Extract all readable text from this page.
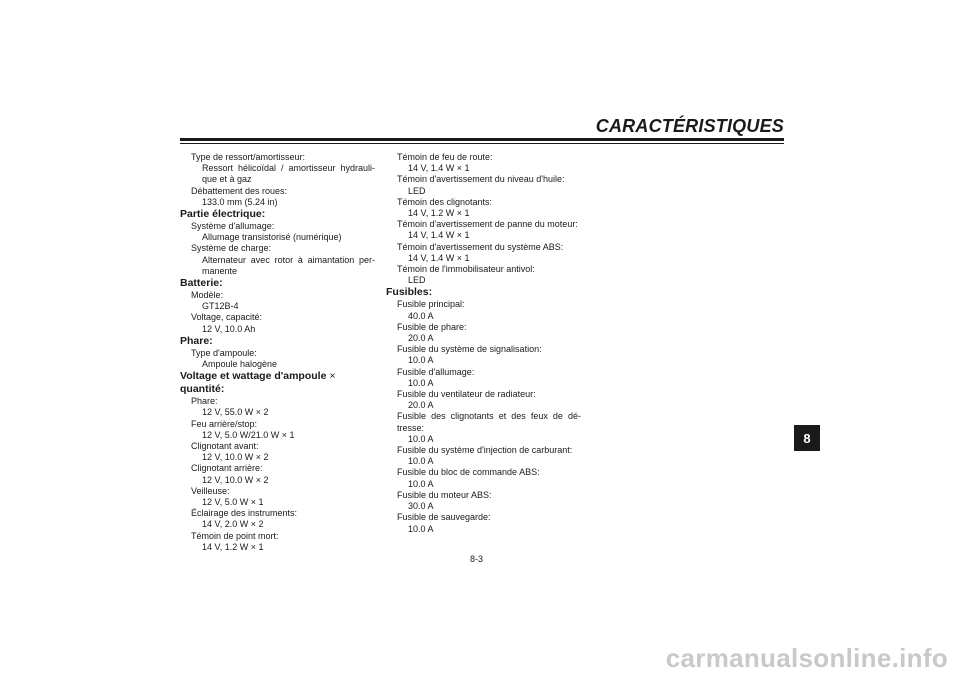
CARACTÉRISTIQUES
Type de ressort/amortisseur:
Ressort hélicoïdal / amortisseur hydrauli-
que et à gaz
Débattement des roues:
133.0 mm (5.24 in)
Partie électrique:
Système d'allumage:
Allumage transistorisé (numérique)
Système de charge:
Alternateur avec rotor à aimantation per-
manente
Batterie:
Modèle:
GT12B-4
Voltage, capacité:
12 V, 10.0 Ah
Phare:
Type d'ampoule:
Ampoule halogène
Voltage et wattage d'ampoule × quantité:
Phare:
12 V, 55.0 W × 2
Feu arrière/stop:
12 V, 5.0 W/21.0 W × 1
Clignotant avant:
12 V, 10.0 W × 2
Clignotant arrière:
12 V, 10.0 W × 2
Veilleuse:
12 V, 5.0 W × 1
Éclairage des instruments:
14 V, 2.0 W × 2
Témoin de point mort:
14 V, 1.2 W × 1
Témoin de feu de route:
14 V, 1.4 W × 1
Témoin d'avertissement du niveau d'huile:
LED
Témoin des clignotants:
14 V, 1.2 W × 1
Témoin d'avertissement de panne du moteur:
14 V, 1.4 W × 1
Témoin d'avertissement du système ABS:
14 V, 1.4 W × 1
Témoin de l'immobilisateur antivol:
LED
Fusibles:
Fusible principal:
40.0 A
Fusible de phare:
20.0 A
Fusible du système de signalisation:
10.0 A
Fusible d'allumage:
10.0 A
Fusible du ventilateur de radiateur:
20.0 A
Fusible des clignotants et des feux de dé-
tresse:
10.0 A
Fusible du système d'injection de carburant:
10.0 A
Fusible du bloc de commande ABS:
10.0 A
Fusible du moteur ABS:
30.0 A
Fusible de sauvegarde:
10.0 A
8-3
8
carmanualsonline.info
